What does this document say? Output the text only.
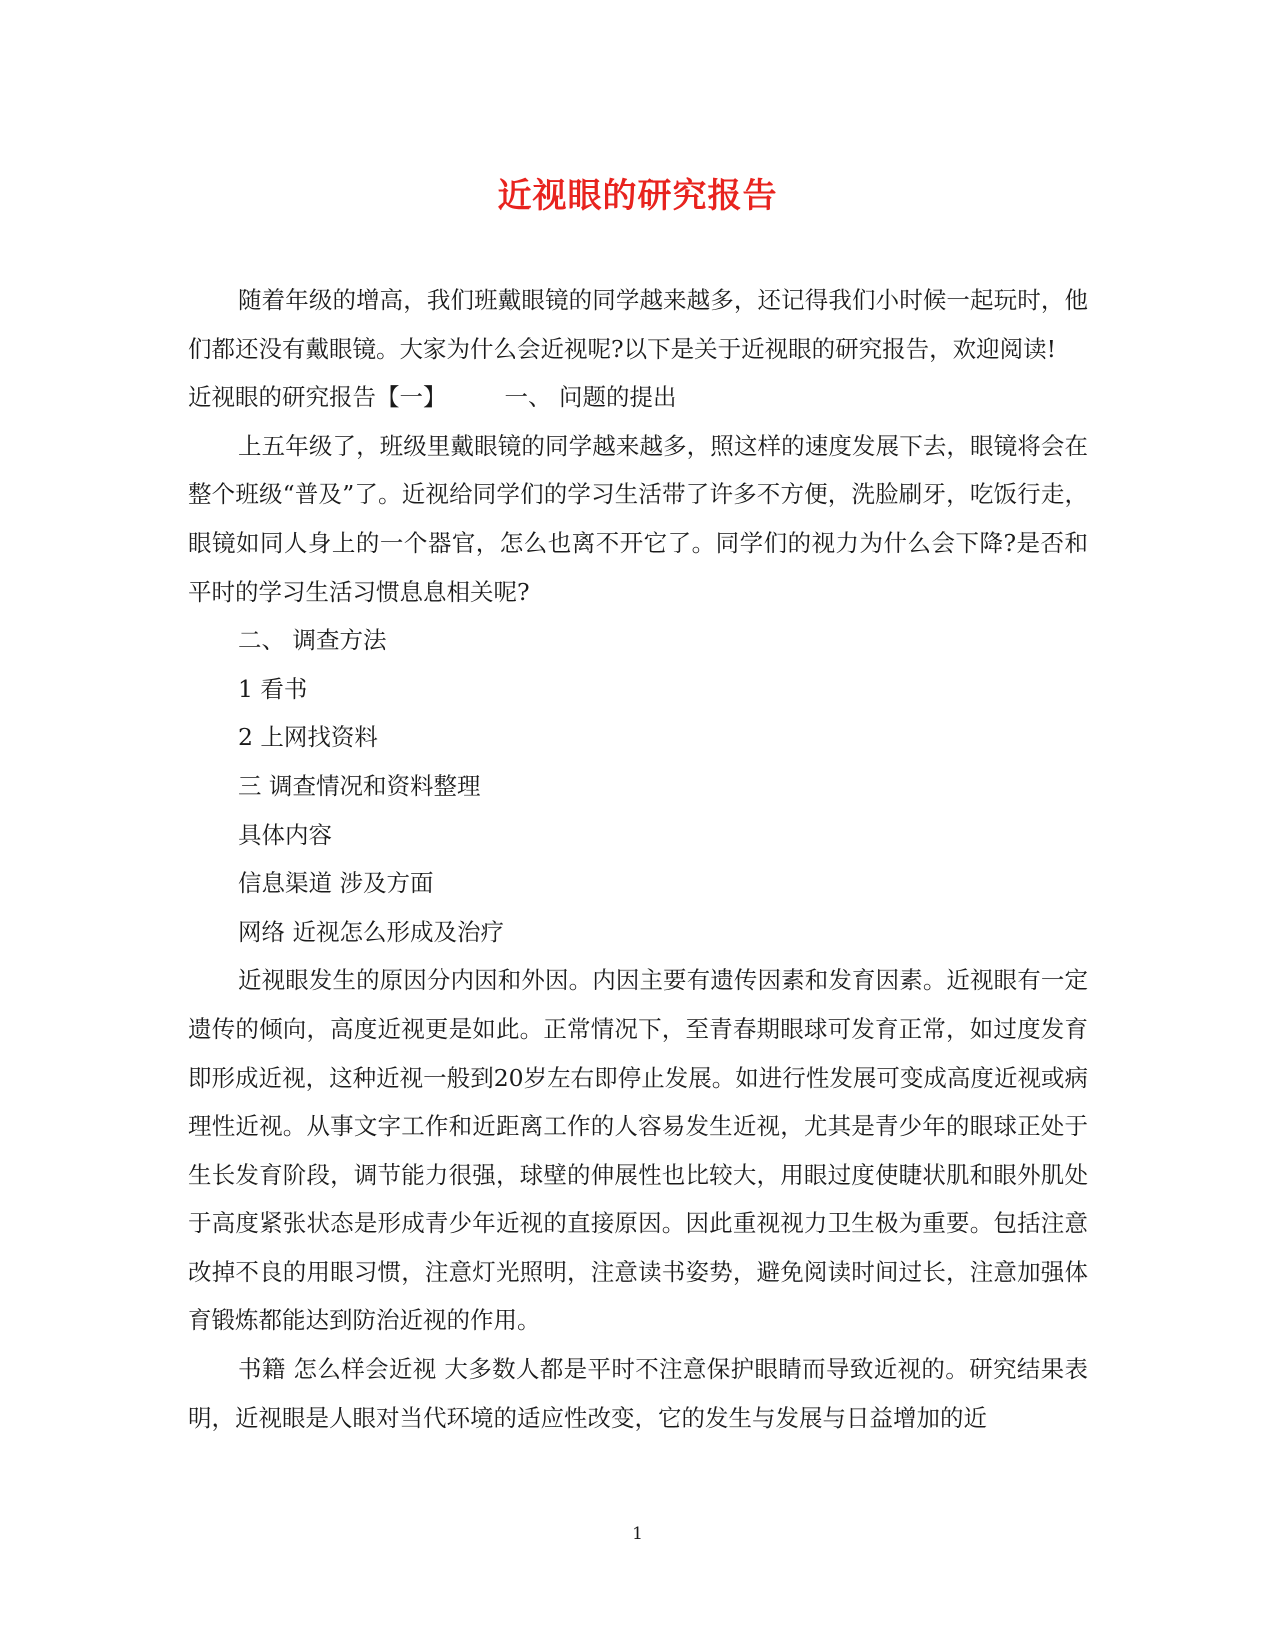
近视眼的研究报告

随着年级的增高，我们班戴眼镜的同学越来越多，还记得我们小时候一起玩时，他们都还没有戴眼镜。大家为什么会近视呢?以下是关于近视眼的研究报告，欢迎阅读!

近视眼的研究报告【一】 一、 问题的提出

上五年级了，班级里戴眼镜的同学越来越多，照这样的速度发展下去，眼镜将会在整个班级“普及”了。近视给同学们的学习生活带了许多不方便，洗脸刷牙，吃饭行走，眼镜如同人身上的一个器官，怎么也离不开它了。同学们的视力为什么会下降?是否和平时的学习生活习惯息息相关呢?

二、 调查方法

1 看书

2 上网找资料

三 调查情况和资料整理

具体内容

信息渠道 涉及方面

网络 近视怎么形成及治疗

近视眼发生的原因分内因和外因。内因主要有遗传因素和发育因素。近视眼有一定遗传的倾向，高度近视更是如此。正常情况下，至青春期眼球可发育正常，如过度发育即形成近视，这种近视一般到20岁左右即停止发展。如进行性发展可变成高度近视或病理性近视。从事文字工作和近距离工作的人容易发生近视，尤其是青少年的眼球正处于生长发育阶段，调节能力很强，球壁的伸展性也比较大，用眼过度使睫状肌和眼外肌处于高度紧张状态是形成青少年近视的直接原因。因此重视视力卫生极为重要。包括注意改掉不良的用眼习惯，注意灯光照明，注意读书姿势，避免阅读时间过长，注意加强体育锻炼都能达到防治近视的作用。

书籍 怎么样会近视 大多数人都是平时不注意保护眼睛而导致近视的。研究结果表明，近视眼是人眼对当代环境的适应性改变，它的发生与发展与日益增加的近

1
